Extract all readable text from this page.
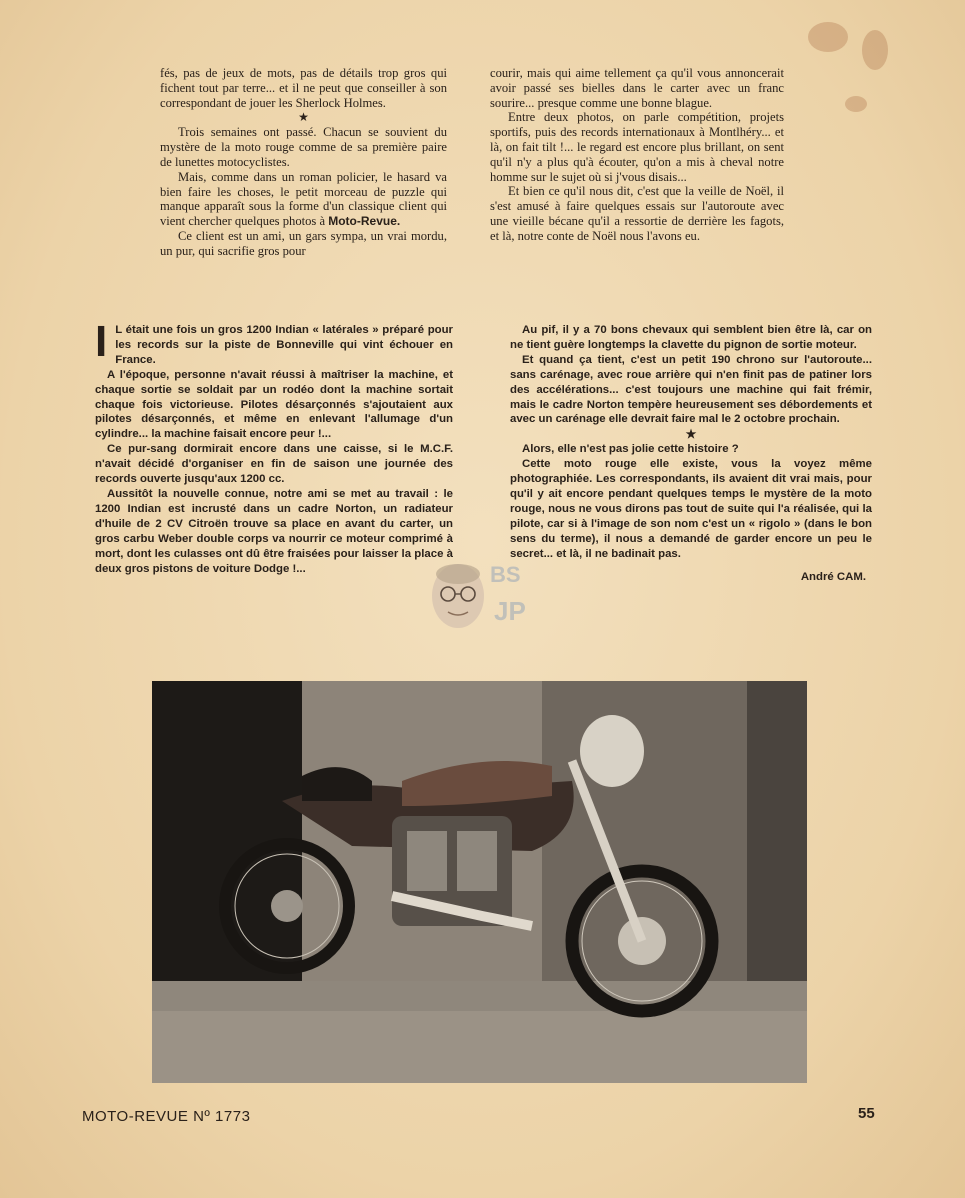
fés, pas de jeux de mots, pas de détails trop gros qui fichent tout par terre... et il ne peut que conseiller à son correspondant de jouer les Sherlock Holmes.

★

Trois semaines ont passé. Chacun se souvient du mystère de la moto rouge comme de sa première paire de lunettes motocyclistes.

Mais, comme dans un roman policier, le hasard va bien faire les choses, le petit morceau de puzzle qui manque apparaît sous la forme d'un classique client qui vient chercher quelques photos à Moto-Revue.

Ce client est un ami, un gars sympa, un vrai mordu, un pur, qui sacrifie gros pour

courir, mais qui aime tellement ça qu'il vous annoncerait avoir passé ses bielles dans le carter avec un franc sourire... presque comme une bonne blague.

Entre deux photos, on parle compétition, projets sportifs, puis des records internationaux à Montlhéry... et là, on fait tilt !... le regard est encore plus brillant, on sent qu'il n'y a plus qu'à écouter, qu'on a mis à cheval notre homme sur le sujet où si j'vous disais...

Et bien ce qu'il nous dit, c'est que la veille de Noël, il s'est amusé à faire quelques essais sur l'autoroute avec une vieille bécane qu'il a ressortie de derrière les fagots, et là, notre conte de Noël nous l'avons eu.

I L était une fois un gros 1200 Indian « latérales » préparé pour les records sur la piste de Bonneville qui vint échouer en France.

A l'époque, personne n'avait réussi à maîtriser la machine, et chaque sortie se soldait par un rodéo dont la machine sortait chaque fois victorieuse. Pilotes désarçonnés s'ajoutaient aux pilotes désarçonnés, et même en enlevant l'allumage d'un cylindre... la machine faisait encore peur !...

Ce pur-sang dormirait encore dans une caisse, si le M.C.F. n'avait décidé d'organiser en fin de saison une journée des records ouverte jusqu'aux 1200 cc.

Aussitôt la nouvelle connue, notre ami se met au travail : le 1200 Indian est incrusté dans un cadre Norton, un radiateur d'huile de 2 CV Citroën trouve sa place en avant du carter, un gros carbu Weber double corps va nourrir ce moteur comprimé à mort, dont les culasses ont dû être fraisées pour laisser la place à deux gros pistons de voiture Dodge !...

Au pif, il y a 70 bons chevaux qui semblent bien être là, car on ne tient guère longtemps la clavette du pignon de sortie moteur.

Et quand ça tient, c'est un petit 190 chrono sur l'autoroute... sans carénage, avec roue arrière qui n'en finit pas de patiner lors des accélérations... c'est toujours une machine qui fait frémir, mais le cadre Norton tempère heureusement ses débordements et avec un carénage elle devrait faire mal le 2 octobre prochain.

★

Alors, elle n'est pas jolie cette histoire ?

Cette moto rouge elle existe, vous la voyez même photographiée. Les correspondants, ils avaient dit vrai mais, pour qu'il y ait encore pendant quelques temps le mystère de la moto rouge, nous ne vous dirons pas tout de suite qui l'a réalisée, qui la pilote, car si à l'image de son nom c'est un « rigolo » (dans le bon sens du terme), il nous a demandé de garder encore un peu le secret... et là, il ne badinait pas.

André CAM.
BS
JP
MOTO-REVUE Nº 1773	55
